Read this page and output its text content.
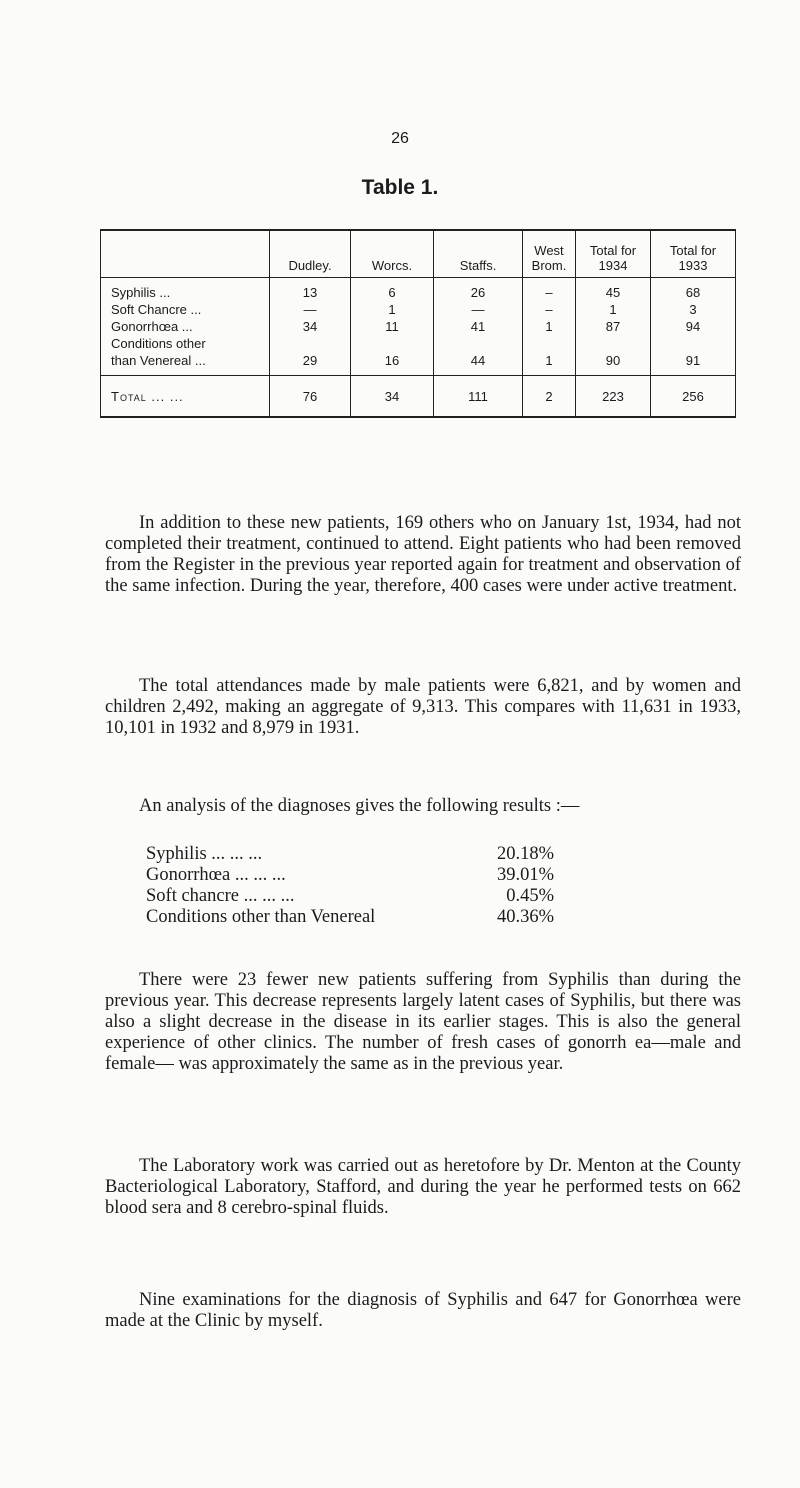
26
Table 1.
	Dudley.	Worcs.	Staffs.	West Brom.	Total for 1934	Total for 1933
Syphilis ...	13	6	26	–	45	68
Soft Chancre ...	—	1	—	–	1	3
Gonorrhœa ...	34	11	41	1	87	94
Conditions other						
than Venereal ...	29	16	44	1	90	91
Total ... ...	76	34	111	2	223	256
In addition to these new patients, 169 others who on January 1st, 1934, had not completed their treatment, continued to attend. Eight patients who had been removed from the Register in the previous year reported again for treatment and observation of the same infection. During the year, therefore, 400 cases were under active treatment.
The total attendances made by male patients were 6,821, and by women and children 2,492, making an aggregate of 9,313. This compares with 11,631 in 1933, 10,101 in 1932 and 8,979 in 1931.
An analysis of the diagnoses gives the following results :—
Syphilis ... ... ...	20.18%
Gonorrhœa ... ... ...	39.01%
Soft chancre ... ... ...	0.45%
Conditions other than Venereal	40.36%
There were 23 fewer new patients suffering from Syphilis than during the previous year. This decrease represents largely latent cases of Syphilis, but there was also a slight decrease in the disease in its earlier stages. This is also the general experience of other clinics. The number of fresh cases of gonorrh ea—male and female— was approximately the same as in the previous year.
The Laboratory work was carried out as heretofore by Dr. Menton at the County Bacteriological Laboratory, Stafford, and during the year he performed tests on 662 blood sera and 8 cerebro-spinal fluids.
Nine examinations for the diagnosis of Syphilis and 647 for Gonorrhœa were made at the Clinic by myself.
